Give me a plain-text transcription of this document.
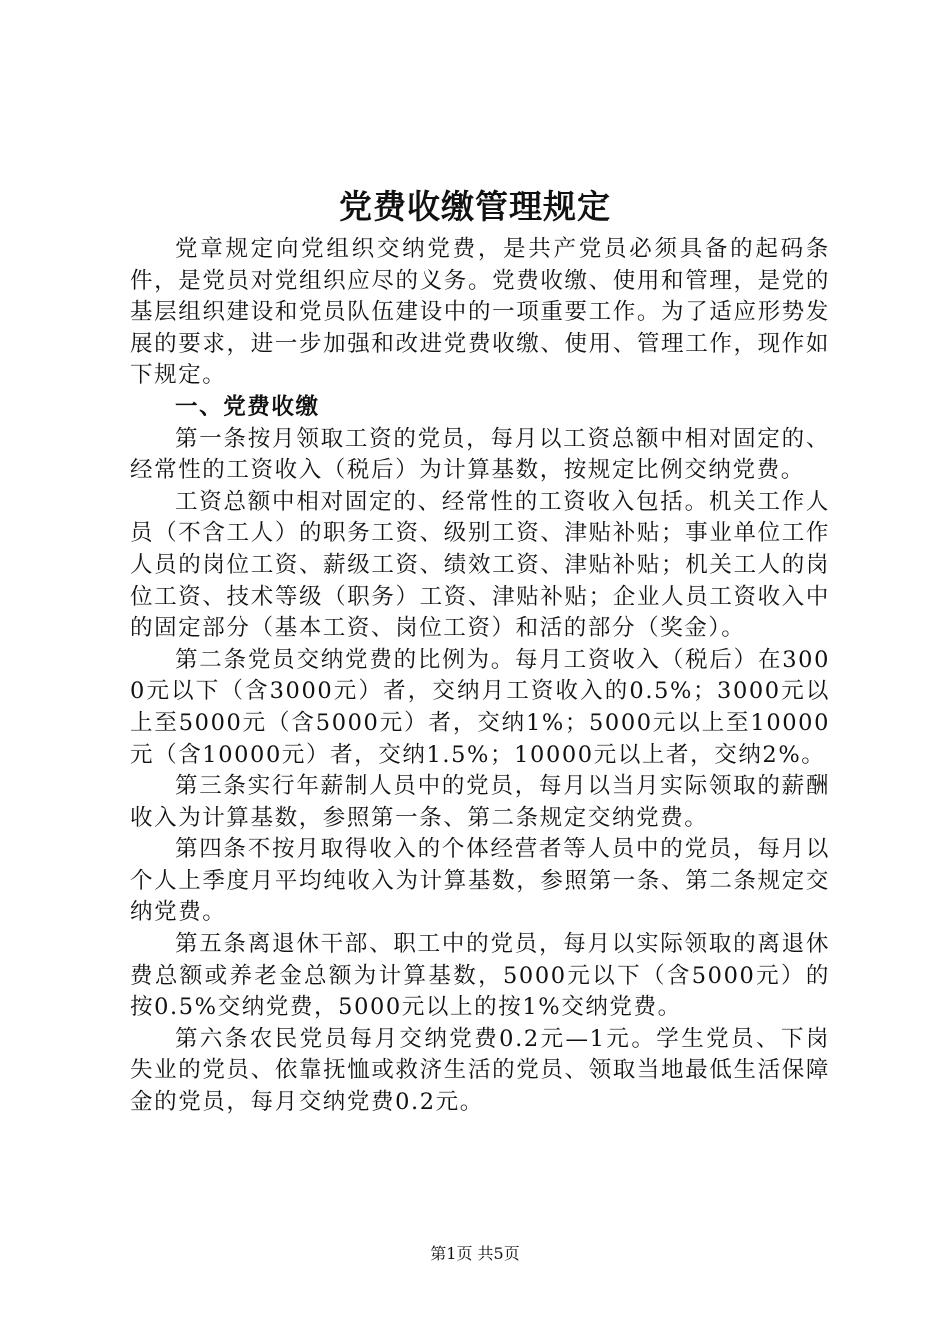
党费收缴管理规定

党章规定向党组织交纳党费，是共产党员必须具备的起码条件，是党员对党组织应尽的义务。党费收缴、使用和管理，是党的基层组织建设和党员队伍建设中的一项重要工作。为了适应形势发展的要求，进一步加强和改进党费收缴、使用、管理工作，现作如下规定。

一、党费收缴

第一条按月领取工资的党员，每月以工资总额中相对固定的、经常性的工资收入（税后）为计算基数，按规定比例交纳党费。

工资总额中相对固定的、经常性的工资收入包括。机关工作人员（不含工人）的职务工资、级别工资、津贴补贴；事业单位工作人员的岗位工资、薪级工资、绩效工资、津贴补贴；机关工人的岗位工资、技术等级（职务）工资、津贴补贴；企业人员工资收入中的固定部分（基本工资、岗位工资）和活的部分（奖金）。

第二条党员交纳党费的比例为。每月工资收入（税后）在3000元以下（含3000元）者，交纳月工资收入的0.5%；3000元以上至5000元（含5000元）者，交纳1%；5000元以上至10000元（含10000元）者，交纳1.5%；10000元以上者，交纳2%。

第三条实行年薪制人员中的党员，每月以当月实际领取的薪酬收入为计算基数，参照第一条、第二条规定交纳党费。

第四条不按月取得收入的个体经营者等人员中的党员，每月以个人上季度月平均纯收入为计算基数，参照第一条、第二条规定交纳党费。

第五条离退休干部、职工中的党员，每月以实际领取的离退休费总额或养老金总额为计算基数，5000元以下（含5000元）的按0.5%交纳党费，5000元以上的按1%交纳党费。

第六条农民党员每月交纳党费0.2元—1元。学生党员、下岗失业的党员、依靠抚恤或救济生活的党员、领取当地最低生活保障金的党员，每月交纳党费0.2元。

第1页 共5页
